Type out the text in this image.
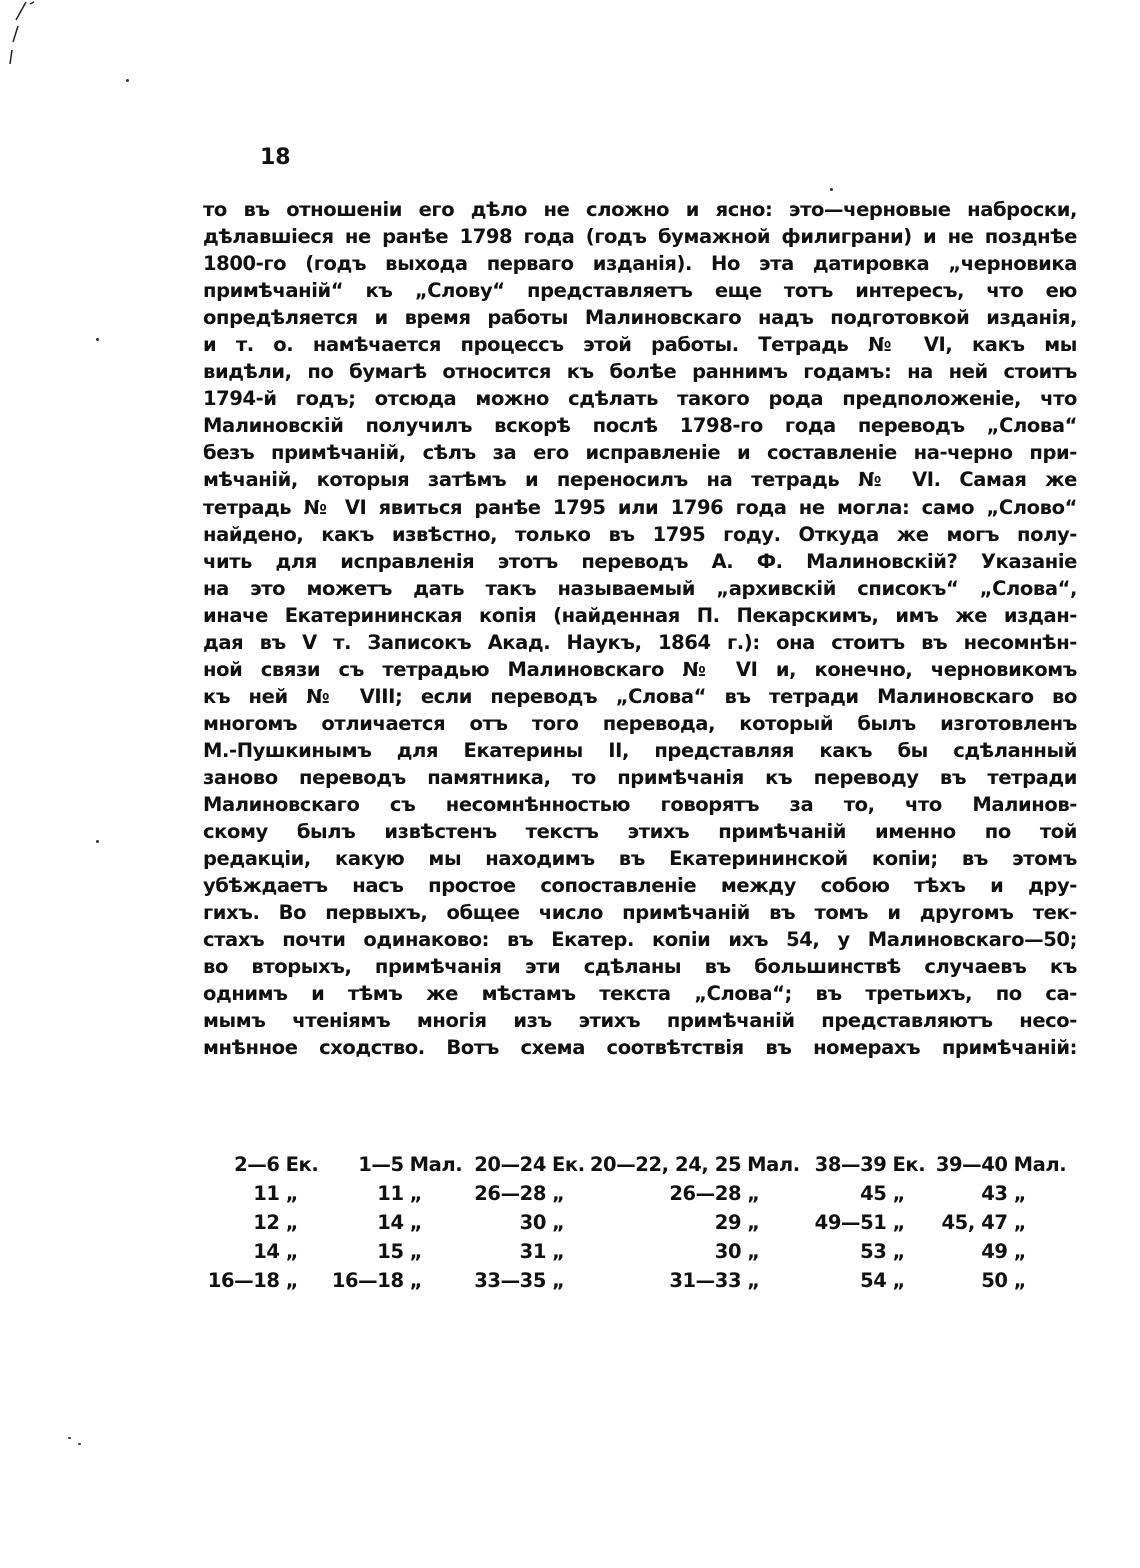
18
то въ отношеніи его дѣло не сложно и ясно: это—черновые наброски,
дѣлавшіеся не ранѣе 1798 года (годъ бумажной филиграни) и не позднѣе
1800-го (годъ выхода перваго изданія). Но эта датировка „черновика
примѣчаній“ къ „Слову“ представляетъ еще тотъ интересъ, что ею
опредѣляется и время работы Малиновскаго надъ подготовкой изданія,
и т. о. намѣчается процессъ этой работы. Тетрадь № VI, какъ мы
видѣли, по бумагѣ относится къ болѣе раннимъ годамъ: на ней стоитъ
1794-й годъ; отсюда можно сдѣлать такого рода предположеніе, что
Малиновскій получилъ вскорѣ послѣ 1798-го года переводъ „Слова“
безъ примѣчаній, сѣлъ за его исправленіе и составленіе на-черно при-
мѣчаній, которыя затѣмъ и переносилъ на тетрадь № VI. Самая же
тетрадь № VI явиться ранѣе 1795 или 1796 года не могла: само „Слово“
найдено, какъ извѣстно, только въ 1795 году. Откуда же могъ полу-
чить для исправленія этотъ переводъ А. Ф. Малиновскій? Указаніе
на это можетъ дать такъ называемый „архивскій списокъ“ „Слова“,
иначе Екатерининская копія (найденная П. Пекарскимъ, имъ же издан-
дая въ V т. Записокъ Акад. Наукъ, 1864 г.): она стоитъ въ несомнѣн-
ной связи съ тетрадью Малиновскаго № VI и, конечно, черновикомъ
къ ней № VIII; если переводъ „Слова“ въ тетради Малиновскаго во
многомъ отличается отъ того перевода, который былъ изготовленъ
М.-Пушкинымъ для Екатерины II, представляя какъ бы сдѣланный
заново переводъ памятника, то примѣчанія къ переводу въ тетради
Малиновскаго съ несомнѣнностью говорятъ за то, что Малинов-
скому былъ извѣстенъ текстъ этихъ примѣчаній именно по той
редакціи, какую мы находимъ въ Екатерининской копіи; въ этомъ
убѣждаетъ насъ простое сопоставленіе между собою тѣхъ и дру-
гихъ. Во первыхъ, общее число примѣчаній въ томъ и другомъ тек-
стахъ почти одинаково: въ Екатер. копіи ихъ 54, у Малиновскаго—50;
во вторыхъ, примѣчанія эти сдѣланы въ большинствѣ случаевъ къ
однимъ и тѣмъ же мѣстамъ текста „Слова“; въ третьихъ, по са-
мымъ чтеніямъ многія изъ этихъ примѣчаній представляютъ несо-
мнѣнное сходство. Вотъ схема соотвѣтствія въ номерахъ примѣчаній:
2—6	Ек.	1—5	Мал.	20—24	Ек.	20—22, 24, 25	Мал.	38—39	Ек.	39—40	Мал.
11	„	11	„	26—28	„	26—28	„	45	„	43	„
12	„	14	„	30	„	29	„	49—51	„	45, 47	„
14	„	15	„	31	„	30	„	53	„	49	„
16—18	„	16—18	„	33—35	„	31—33	„	54	„	50	„
